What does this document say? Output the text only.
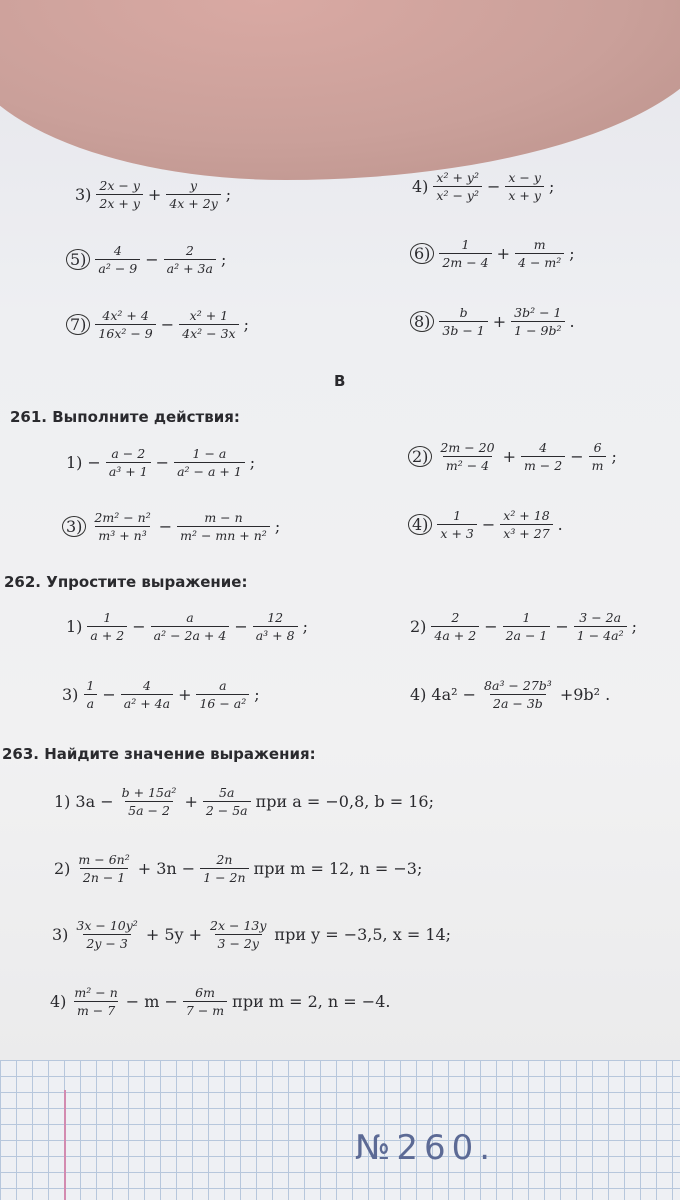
В
$3) \frac{2x - y}{2x + y} + \frac{y}{4x + 2y}$ ;	$4) \frac{\text{x² + y²}}{\text{x² − y²}} - \frac{x - y}{x + y}$ ;
$5) \frac{4}{\text{a² − 9}} - \frac{2}{\text{a² + 3a}}$ ;	$6) \frac{1}{2m - 4} + \frac{m}{\text{4 − m²}}$ ;
$7) \frac{\text{4x² + 4}}{\text{16x² − 9}} - \frac{\text{x² + 1}}{\text{4x² − 3x}}$ ;	$8) \frac{b}{3b - 1} + \frac{\text{3b² − 1}}{\text{1 − 9b²}}$ .
261. Выполните действия:
$1) - \frac{a - 2}{\text{a³ + 1}} - \frac{1 - a}{\text{a² − a + 1}}$ ;	$2) \frac{2m - 20}{\text{m² − 4}} + \frac{4}{m - 2} - \frac{6}{m}$ ;
$3) \frac{\text{2m² − n²}}{\text{m³ + n³}} - \frac{m - n}{\text{m² − mn + n²}}$ ;	$4) \frac{1}{x + 3} - \frac{\text{x² + 18}}{\text{x³ + 27}}$ .
262. Упростите выражение:
$1) \frac{1}{a + 2} - \frac{a}{\text{a² − 2a + 4}} - \frac{12}{\text{a³ + 8}}$ ;	$2) \frac{2}{4a + 2} - \frac{1}{2a - 1} - \frac{3 - 2a}{\text{1 − 4a²}}$ ;
$3) \frac{1}{a} - \frac{4}{\text{a² + 4a}} + \frac{a}{\text{16 − a²}}$ ;	4) $4a^2 - \frac{\text{8a³ − 27b³}}{2a - 3b} +9b^2$ .
263. Найдите значение выражения:
1) $3a - \frac{\text{b + 15a²}}{5a - 2} + \frac{5a}{2 - 5a}$ при a = −0,8, b = 16;
$2) \frac{\text{m − 6n²}}{2n - 1} + 3n - \frac{2n}{1 - 2n}$ при m = 12, n = −3;
$3) \frac{\text{3x − 10y²}}{2y - 3} + 5y + \frac{2x - 13y}{3 - 2y}$ при y = −3,5, x = 14;
$4) \frac{\text{m² − n}}{m - 7} - m - \frac{6m}{7 - m}$ при m = 2, n = −4.
№260.
